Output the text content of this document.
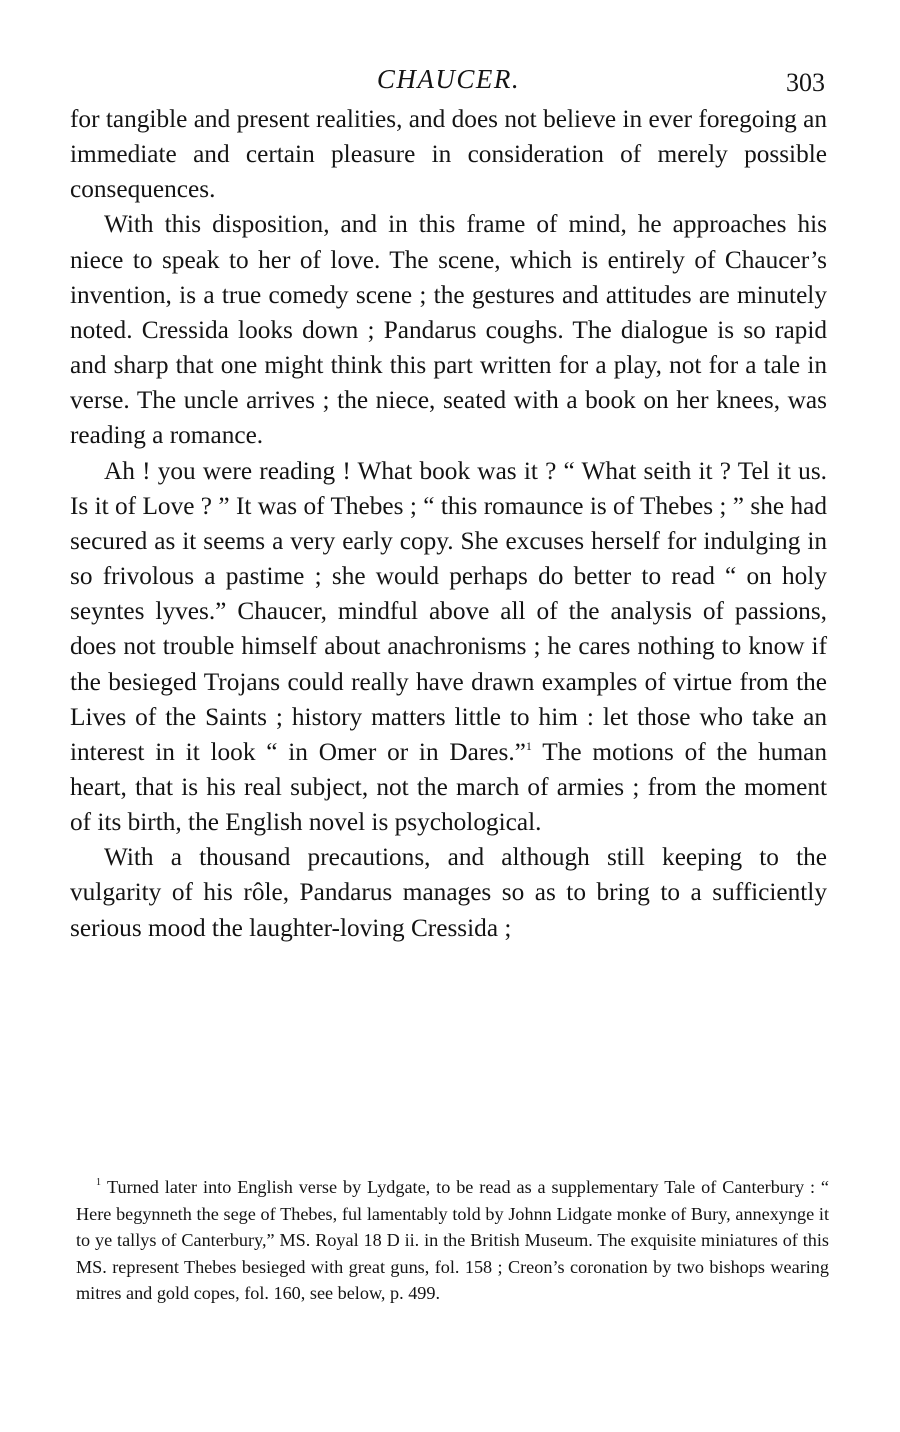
CHAUCER.	303

for tangible and present realities, and does not believe in ever foregoing an immediate and certain pleasure in consideration of merely possible consequences.

With this disposition, and in this frame of mind, he approaches his niece to speak to her of love. The scene, which is entirely of Chaucer’s invention, is a true comedy scene ; the gestures and attitudes are minutely noted. Cressida looks down ; Pandarus coughs. The dialogue is so rapid and sharp that one might think this part written for a play, not for a tale in verse. The uncle arrives ; the niece, seated with a book on her knees, was reading a romance.

Ah ! you were reading ! What book was it ? “ What seith it ? Tel it us. Is it of Love ? ” It was of Thebes ; “ this romaunce is of Thebes ; ” she had secured as it seems a very early copy. She excuses herself for indulging in so frivolous a pastime ; she would perhaps do better to read “ on holy seyntes lyves.” Chaucer, mindful above all of the analysis of passions, does not trouble himself about anachronisms ; he cares nothing to know if the besieged Trojans could really have drawn examples of virtue from the Lives of the Saints ; history matters little to him : let those who take an interest in it look “ in Omer or in Dares.”$^1$ The motions of the human heart, that is his real subject, not the march of armies ; from the moment of its birth, the English novel is psychological.

With a thousand precautions, and although still keeping to the vulgarity of his rôle, Pandarus manages so as to bring to a sufficiently serious mood the laughter-loving Cressida ;

$^1$ Turned later into English verse by Lydgate, to be read as a supplementary Tale of Canterbury : “ Here begynneth the sege of Thebes, ful lamentably told by Johnn Lidgate monke of Bury, annexynge it to ye tallys of Canterbury,” MS. Royal 18 D ii. in the British Museum. The exquisite miniatures of this MS. represent Thebes besieged with great guns, fol. 158 ; Creon’s coronation by two bishops wearing mitres and gold copes, fol. 160, see below, p. 499.
